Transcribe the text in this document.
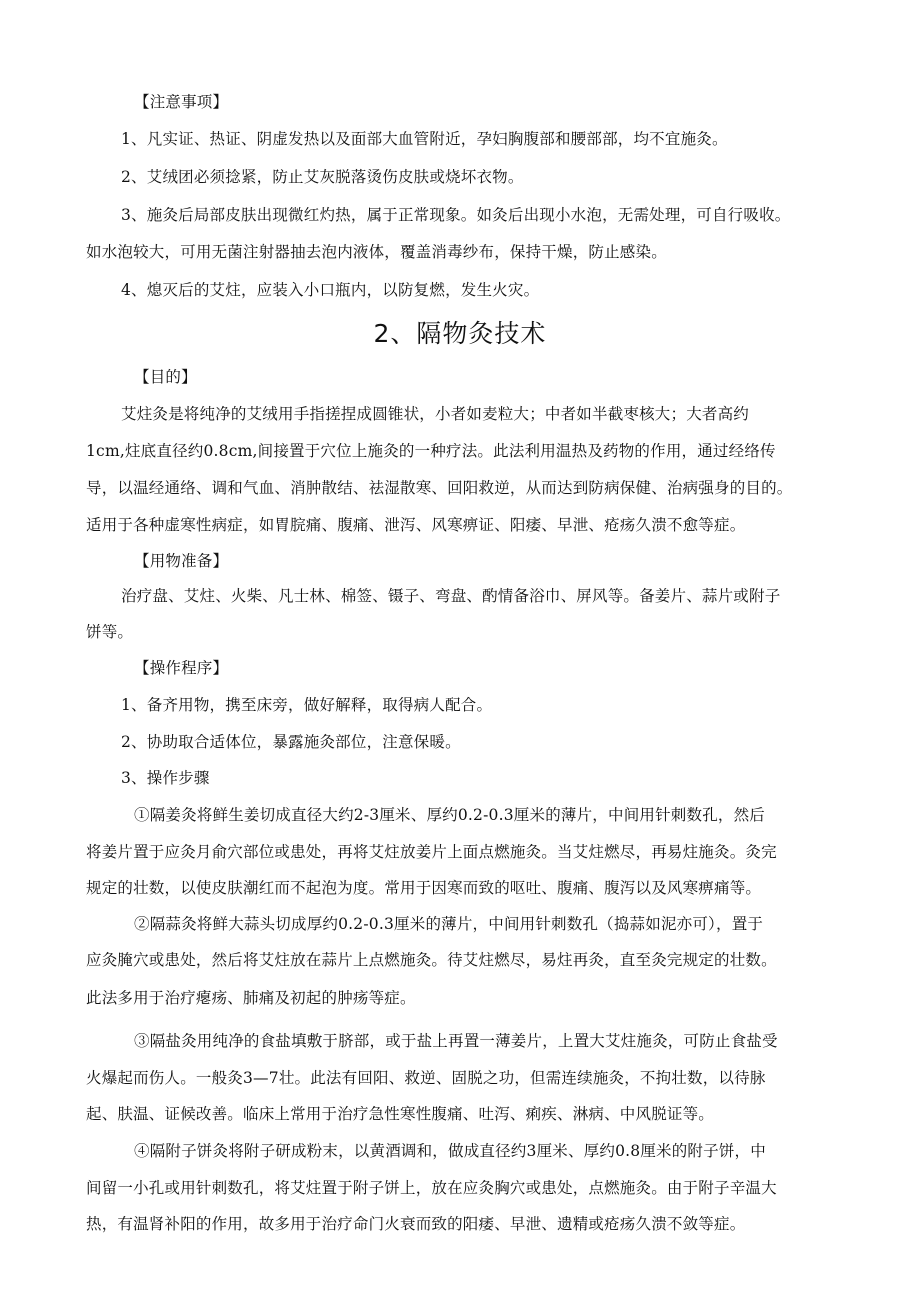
【注意事项】
1、凡实证、热证、阴虚发热以及面部大血管附近，孕妇胸腹部和腰部部，均不宜施灸。
2、艾绒团必须捻紧，防止艾灰脱落烫伤皮肤或烧坏衣物。
3、施灸后局部皮肤出现微红灼热，属于正常现象。如灸后出现小水泡，无需处理，可自行吸收。
如水泡较大，可用无菌注射器抽去泡内液体，覆盖消毒纱布，保持干燥，防止感染。
4、熄灭后的艾炷，应装入小口瓶内，以防复燃，发生火灾。
2、隔物灸技术
【目的】
艾炷灸是将纯净的艾绒用手指搓捏成圆锥状，小者如麦粒大；中者如半截枣核大；大者高约
1cm,炷底直径约0.8cm,间接置于穴位上施灸的一种疗法。此法利用温热及药物的作用，通过经络传
导，以温经通络、调和气血、消肿散结、祛湿散寒、回阳救逆，从而达到防病保健、治病强身的目的。
适用于各种虚寒性病症，如胃脘痛、腹痛、泄泻、风寒痹证、阳痿、早泄、疮疡久溃不愈等症。
【用物准备】
治疗盘、艾炷、火柴、凡士林、棉签、镊子、弯盘、酌情备浴巾、屏风等。备姜片、蒜片或附子
饼等。
【操作程序】
1、备齐用物，携至床旁，做好解释，取得病人配合。
2、协助取合适体位，暴露施灸部位，注意保暖。
3、操作步骤
①隔姜灸将鲜生姜切成直径大约2-3厘米、厚约0.2-0.3厘米的薄片，中间用针刺数孔，然后
将姜片置于应灸月俞穴部位或患处，再将艾炷放姜片上面点燃施灸。当艾炷燃尽，再易炷施灸。灸完
规定的壮数，以使皮肤潮红而不起泡为度。常用于因寒而致的呕吐、腹痛、腹泻以及风寒痹痛等。
②隔蒜灸将鲜大蒜头切成厚约0.2-0.3厘米的薄片，中间用针刺数孔（捣蒜如泥亦可），置于
应灸腌穴或患处，然后将艾炷放在蒜片上点燃施灸。待艾炷燃尽，易炷再灸，直至灸完规定的壮数。
此法多用于治疗瘪疡、肺痛及初起的肿疡等症。
③隔盐灸用纯净的食盐填敷于脐部，或于盐上再置一薄姜片，上置大艾炷施灸，可防止食盐受
火爆起而伤人。一般灸3—7壮。此法有回阳、救逆、固脱之功，但需连续施灸，不拘壮数，以待脉
起、肤温、证候改善。临床上常用于治疗急性寒性腹痛、吐泻、痢疾、淋病、中风脱证等。
④隔附子饼灸将附子研成粉末，以黄酒调和，做成直径约3厘米、厚约0.8厘米的附子饼，中
间留一小孔或用针刺数孔，将艾炷置于附子饼上，放在应灸胸穴或患处，点燃施灸。由于附子辛温大
热，有温肾补阳的作用，故多用于治疗命门火衰而致的阳痿、早泄、遗精或疮疡久溃不敛等症。
